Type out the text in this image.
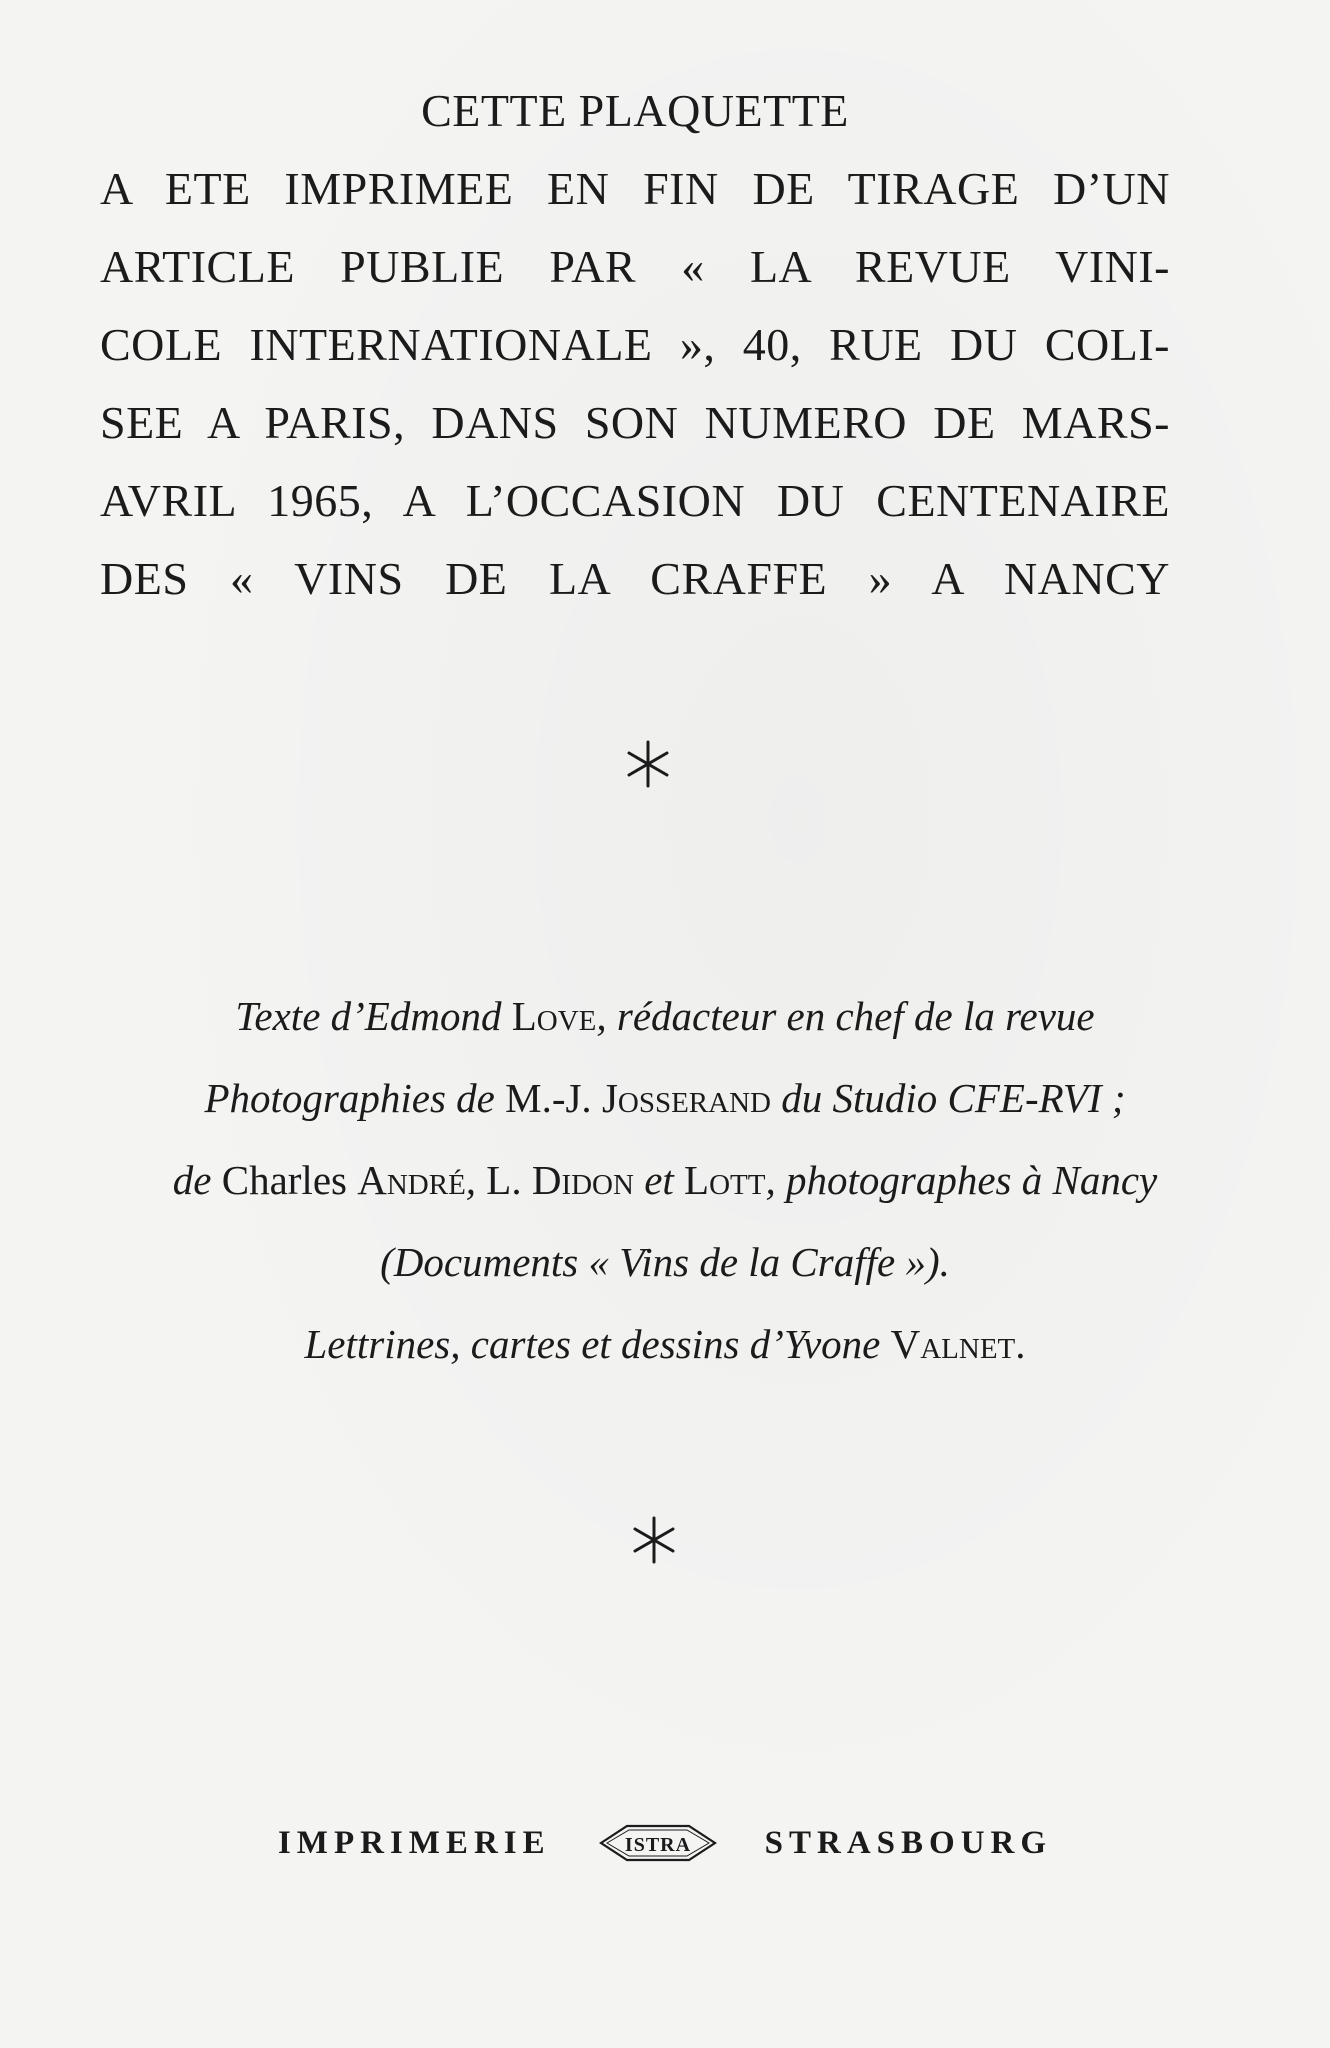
CETTE PLAQUETTE
A ETE IMPRIMEE EN FIN DE TIRAGE D’UN
ARTICLE PUBLIE PAR « LA REVUE VINI-
COLE INTERNATIONALE », 40, RUE DU COLI-
SEE A PARIS, DANS SON NUMERO DE MARS-
AVRIL 1965, A L’OCCASION DU CENTENAIRE
DES « VINS DE LA CRAFFE » A NANCY
Texte d’Edmond Love, rédacteur en chef de la revue
Photographies de M.-J. Josserand du Studio CFE-RVI ;
de Charles André, L. Didon et Lott, photographes à Nancy
(Documents « Vins de la Craffe »).
Lettrines, cartes et dessins d’Yvone Valnet.
IMPRIMERIE	ISTRA STRASBOURG
